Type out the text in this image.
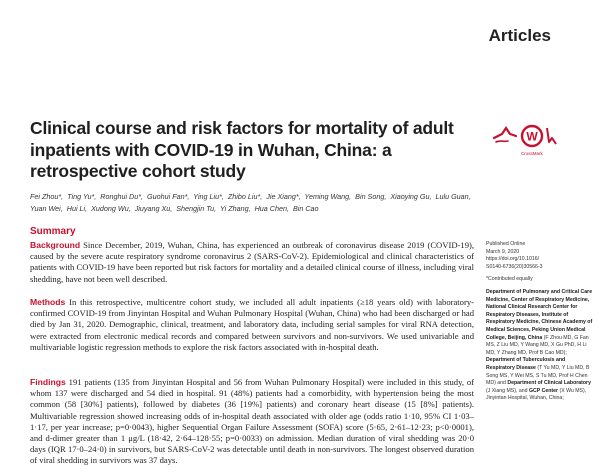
Articles
Clinical course and risk factors for mortality of adult inpatients with COVID-19 in Wuhan, China: a retrospective cohort study
W
CrossMark
Fei Zhou*, Ting Yu*, Ronghui Du*, Guohui Fan*, Ying Liu*, Zhibo Liu*, Jie Xiang*, Yeming Wang, Bin Song, Xiaoying Gu, Lulu Guan, Yuan Wei, Hui Li, Xudong Wu, Jiuyang Xu, Shengjin Tu, Yi Zhang, Hua Chen, Bin Cao
Summary

Background Since December, 2019, Wuhan, China, has experienced an outbreak of coronavirus disease 2019 (COVID-19), caused by the severe acute respiratory syndrome coronavirus 2 (SARS-CoV-2). Epidemiological and clinical characteristics of patients with COVID-19 have been reported but risk factors for mortality and a detailed clinical course of illness, including viral shedding, have not been well described.

Methods In this retrospective, multicentre cohort study, we included all adult inpatients (≥18 years old) with laboratory-confirmed COVID-19 from Jinyintan Hospital and Wuhan Pulmonary Hospital (Wuhan, China) who had been discharged or had died by Jan 31, 2020. Demographic, clinical, treatment, and laboratory data, including serial samples for viral RNA detection, were extracted from electronic medical records and compared between survivors and non-survivors. We used univariable and multivariable logistic regression methods to explore the risk factors associated with in-hospital death.

Findings 191 patients (135 from Jinyintan Hospital and 56 from Wuhan Pulmonary Hospital) were included in this study, of whom 137 were discharged and 54 died in hospital. 91 (48%) patients had a comorbidity, with hypertension being the most common (58 [30%] patients), followed by diabetes (36 [19%] patients) and coronary heart disease (15 [8%] patients). Multivariable regression showed increasing odds of in-hospital death associated with older age (odds ratio 1·10, 95% CI 1·03–1·17, per year increase; p=0·0043), higher Sequential Organ Failure Assessment (SOFA) score (5·65, 2·61–12·23; p<0·0001), and d-dimer greater than 1 μg/L (18·42, 2·64–128·55; p=0·0033) on admission. Median duration of viral shedding was 20·0 days (IQR 17·0–24·0) in survivors, but SARS-CoV-2 was detectable until death in non-survivors. The longest observed duration of viral shedding in survivors was 37 days.

Published Online
March 9, 2020
https://doi.org/10.1016/
S0140-6736(20)30566-3
*Contributed equally
Department of Pulmonary and Critical Care Medicine, Center of Respiratory Medicine, National Clinical Research Center for Respiratory Diseases, Institute of Respiratory Medicine, Chinese Academy of Medical Sciences, Peking Union Medical College, Beijing, China (F Zhou MD, G Fan MS, Z Liu MD, Y Wang MD, X Gu PhD, H Li MD, Y Zhang MD, Prof B Cao MD); Department of Tuberculosis and Respiratory Disease (T Yu MD, Y Liu MD, B Song MS, Y Wei MS, S Tu MD, Prof H Chen MD) and Department of Clinical Laboratory (J Xiang MS), and GCP Center (X Wu MS), Jinyintan Hospital, Wuhan, China;
